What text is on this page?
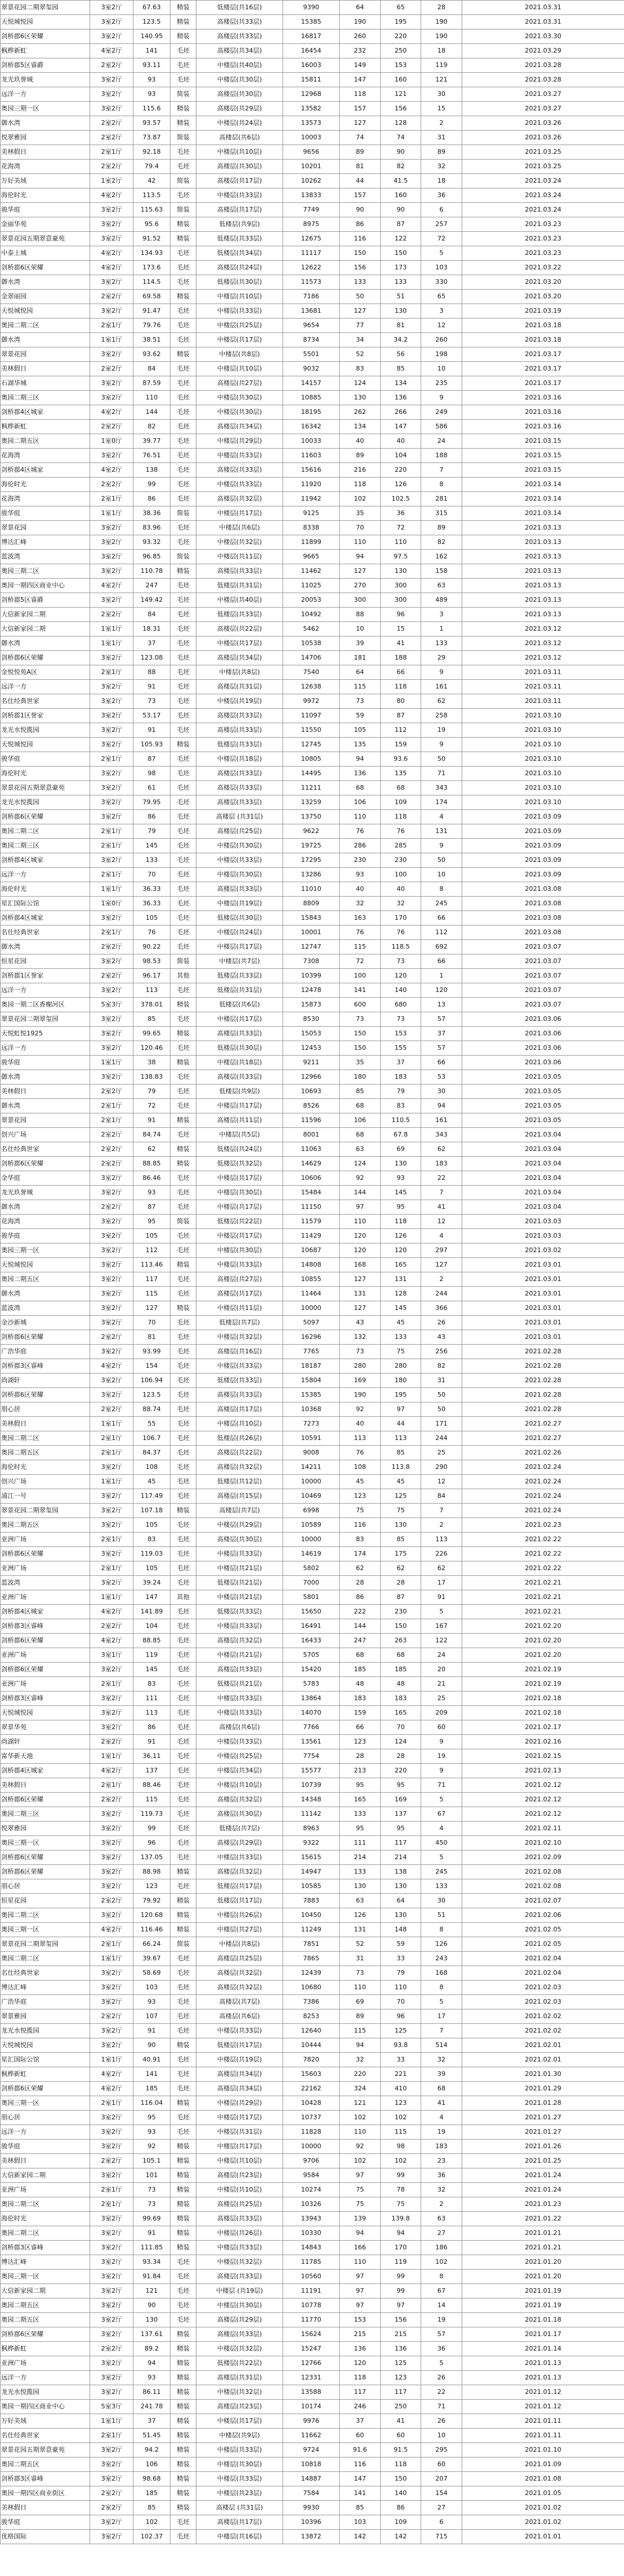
翠景花园二期翠玺园	3室2厅	67.63	精装	低楼层(共16层)	9390	64	65	28	2021.03.31
天悦城悦园	3室2厅	123.5	精装	高楼层(共33层)	15385	190	195	190	2021.03.31
剑桥郡6区荣耀	3室2厅	140.95	精装	高楼层(共33层)	16817	260	220	190	2021.03.30
枫桦新虹	4室2厅	141	毛坯	高楼层(共34层)	16454	232	250	18	2021.03.29
剑桥郡5区睿爵	2室2厅	93.11	毛坯	中楼层(共40层)	16003	149	153	119	2021.03.28
龙光玖誉城	3室2厅	93	毛坯	中楼层(共30层)	15811	147	160	121	2021.03.28
远洋一方	3室2厅	93	简装	高楼层(共30层)	12968	118	121	30	2021.03.27
奥园三期一区	3室2厅	115.6	精装	高楼层(共29层)	13582	157	156	15	2021.03.27
御水湾	2室2厅	93.57	精装	中楼层(共24层)	13573	127	128	2	2021.03.26
悦翠雅园	2室2厅	73.87	简装	高楼层(共6层)	10003	74	74	31	2021.03.26
美林假日	2室1厅	92.18	毛坯	中楼层(共10层)	9656	89	90	89	2021.03.25
花海湾	2室2厅	79.4	毛坯	高楼层(共30层)	10201	81	82	32	2021.03.25
万好美域	1室2厅	42	简装	高楼层(共17层)	10262	44	41.5	18	2021.03.24
海伦时光	4室2厅	113.5	毛坯	中楼层(共33层)	13833	157	160	36	2021.03.24
骏华庭	3室2厅	115.63	简装	高楼层(共17层)	7749	90	90	6	2021.03.24
金丽华苑	3室2厅	95.6	精装	低楼层(共9层)	8975	86	87	257	2021.03.23
翠景花园五期翠意豪苑	3室2厅	91.52	精装	低楼层(共33层)	12675	116	122	72	2021.03.23
中泰上城	4室2厅	134.93	毛坯	低楼层(共34层)	11117	150	150	5	2021.03.23
剑桥郡6区荣耀	4室2厅	173.6	毛坯	高楼层(共24层)	12622	156	173	103	2021.03.22
御水湾	3室2厅	114.5	毛坯	低楼层(共30层)	11573	133	133	330	2021.03.20
金翠丽园	2室2厅	69.58	精装	中楼层(共10层)	7186	50	51	65	2021.03.20
天悦城悦园	3室2厅	91.47	毛坯	中楼层(共33层)	13681	127	130	3	2021.03.19
奥园二期二区	2室1厅	79.76	毛坯	中楼层(共25层)	9654	77	81	12	2021.03.18
御水湾	1室1厅	38.51	毛坯	中楼层(共17层)	8734	34	34.2	260	2021.03.18
翠景花园	3室2厅	93.62	精装	中楼层(共8层)	5501	52	56	198	2021.03.17
美林假日	2室2厅	84	毛坯	中楼层(共10层)	9032	83	85	10	2021.03.17
石湖华城	3室2厅	87.59	毛坯	高楼层(共27层)	14157	124	134	235	2021.03.17
奥园二期三区	3室2厅	110	毛坯	中楼层(共30层)	10885	130	136	9	2021.03.16
剑桥郡4区城家	4室2厅	144	毛坯	中楼层(共30层)	18195	262	266	249	2021.03.16
枫桦新虹	2室2厅	82	毛坯	高楼层(共34层)	16342	134	147	586	2021.03.16
奥园二期五区	1室0厅	39.77	毛坯	中楼层(共29层)	10033	40	40	24	2021.03.15
花海湾	3室2厅	76.51	毛坯	中楼层(共33层)	11603	89	104	188	2021.03.15
剑桥郡4区城家	4室2厅	138	毛坯	高楼层(共33层)	15616	216	220	7	2021.03.15
海伦时光	2室2厅	99	毛坯	中楼层(共33层)	11920	118	126	8	2021.03.14
花海湾	2室1厅	86	毛坯	高楼层(共32层)	11942	102	102.5	281	2021.03.14
骏华庭	1室1厅	38.36	简装	中楼层(共17层)	9125	35	36	315	2021.03.14
翠景花园	3室2厅	83.96	毛坯	中楼层(共6层)	8338	70	72	89	2021.03.13
博达汇峰	3室2厅	93.32	毛坯	中楼层(共32层)	11899	110	110	82	2021.03.13
蓝波湾	3室2厅	96.85	简装	中楼层(共11层)	9665	94	97.5	162	2021.03.13
奥园三期二区	3室2厅	110.78	精装	高楼层(共33层)	11462	127	130	158	2021.03.13
奥园一期四区商业中心	4室2厅	247	毛坯	低楼层(共31层)	11025	270	300	63	2021.03.13
剑桥郡5区睿爵	3室2厅	149.42	毛坯	中楼层(共40层)	20053	300	300	489	2021.03.13
大信新家园二期	2室2厅	84	毛坯	低楼层(共33层)	10492	88	96	3	2021.03.13
大信新家园二期	1室1厅	18.31	毛坯	高楼层(共22层)	5462	10	15	1	2021.03.12
御水湾	1室1厅	37	毛坯	中楼层(共17层)	10538	39	41	133	2021.03.12
剑桥郡6区荣耀	3室2厅	123.08	毛坯	高楼层(共34层)	14706	181	188	29	2021.03.12
金悦悦苑A区	2室1厅	88	毛坯	中楼层(共8层)	7540	64	66	9	2021.03.11
远洋一方	3室2厅	91	毛坯	高楼层(共31层)	12638	115	118	161	2021.03.11
名仕经典世家	3室2厅	73	毛坯	中楼层(共19层)	9972	73	80	62	2021.03.11
剑桥郡1区誉家	3室2厅	53.17	毛坯	高楼层(共33层)	11097	59	87	258	2021.03.10
龙光水悦揽园	3室2厅	91	毛坯	高楼层(共33层)	11550	105	112	19	2021.03.10
天悦城悦园	3室2厅	105.93	精装	低楼层(共33层)	12745	135	159	9	2021.03.10
骏华庭	2室1厅	87	毛坯	中楼层(共18层)	10805	94	93.6	50	2021.03.10
海伦时光	3室2厅	98	毛坯	高楼层(共33层)	14495	136	135	71	2021.03.10
翠景花园五期翠意豪苑	3室2厅	61	毛坯	高楼层(共33层)	11211	68	68	343	2021.03.10
龙光水悦揽园	3室2厅	79.95	毛坯	高楼层(共33层)	13259	106	109	174	2021.03.10
剑桥郡6区荣耀	3室2厅	86	毛坯	高楼层 (共31层)	13750	110	118	4	2021.03.09
奥园二期二区	2室1厅	79	毛坯	高楼层(共25层)	9622	76	76	131	2021.03.09
奥园二期三区	2室1厅	145	毛坯	中楼层(共30层)	19725	286	285	9	2021.03.09
剑桥郡4区城家	3室2厅	133	毛坯	中楼层(共33层)	17295	230	230	50	2021.03.09
远洋一方	2室1厅	70	毛坯	中楼层(共30层)	13286	93	100	10	2021.03.09
海伦时光	1室1厅	36.33	毛坯	高楼层(共33层)	11010	40	40	8	2021.03.08
星汇国际公馆	1室0厅	36.33	毛坯	中楼层(共19层)	8809	32	32	245	2021.03.08
剑桥郡4区城家	3室2厅	105	毛坯	低楼层(共30层)	15843	163	170	66	2021.03.08
名仕经典世家	2室1厅	76	毛坯	中楼层(共24层)	10001	76	76	112	2021.03.08
御水湾	2室2厅	90.22	毛坯	中楼层(共17层)	12747	115	118.5	692	2021.03.07
恒星花园	3室2厅	98.53	简装	中楼层(共7层)	7308	72	73	66	2021.03.07
剑桥郡1区誉家	2室2厅	96.17	其他	低楼层(共33层)	10399	100	120	1	2021.03.07
远洋一方	3室2厅	113	毛坯	低楼层(共31层)	12478	141	140	120	2021.03.07
奥园一期二区香榭河区	5室3厅	378.01	精装	低楼层(共6层)	15873	600	680	13	2021.03.07
翠景花园二期翠玺园	3室2厅	85	毛坯	中楼层(共17层)	8530	73	73	57	2021.03.06
天悦虹悦1925	3室2厅	99.65	精装	高楼层(共33层)	15053	150	153	37	2021.03.06
远洋一方	3室2厅	120.46	毛坯	低楼层(共30层)	12453	150	155	57	2021.03.06
骏华庭	1室1厅	38	精装	中楼层(共18层)	9211	35	37	66	2021.03.06
御水湾	3室2厅	138.83	毛坯	高楼层(共33层)	12966	180	183	53	2021.03.05
美林假日	2室2厅	79	毛坯	低楼层(共9层)	10693	85	79	30	2021.03.05
御水湾	2室1厅	72	毛坯	中楼层(共17层)	8526	68	83	94	2021.03.05
翠景花园	2室1厅	91	精装	高楼层(共11层)	11596	106	110.5	161	2021.03.05
创兴广场	2室2厅	84.74	毛坯	中楼层(共5层)	8001	68	67.8	343	2021.03.04
名仕经典世家	2室2厅	62	精装	低楼层(共24层)	11063	63	69	62	2021.03.04
剑桥郡6区荣耀	2室2厅	88.85	精装	低楼层(共32层)	14629	124	130	183	2021.03.04
金华庭	3室2厅	86.46	毛坯	中楼层(共17层)	10606	92	93	22	2021.03.04
龙光玖誉城	3室2厅	93	毛坯	中楼层(共30层)	15484	144	145	7	2021.03.04
御水湾	2室2厅	87	毛坯	中楼层(共17层)	11150	97	95	41	2021.03.04
花海湾	3室2厅	95	简装	低楼层(共22层)	11579	110	118	12	2021.03.03
骏华庭	3室2厅	105	毛坯	中楼层(共17层)	11429	120	126	4	2021.03.03
奥园三期一区	3室2厅	112	毛坯	中楼层(共30层)	10687	120	120	297	2021.03.02
天悦城悦园	3室2厅	113.46	精装	中楼层(共33层)	14808	168	165	127	2021.03.01
奥园二期五区	3室2厅	117	毛坯	高楼层(共27层)	10855	127	131	2	2021.03.01
御水湾	3室2厅	115	毛坯	高楼层(共17层)	11464	131	128	244	2021.03.01
蓝波湾	3室2厅	127	精装	中楼层(共11层)	10000	127	145	366	2021.03.01
金沙新城	3室2厅	70	毛坯	低楼层(共7层)	5097	43	45	26	2021.03.01
剑桥郡6区荣耀	2室2厅	81	毛坯	中楼层(共32层)	16296	132	133	43	2021.03.01
广浩华庭	3室2厅	93.99	毛坯	高楼层(共16层)	7765	73	75	256	2021.02.28
剑桥郡3区睿峰	4室2厅	154	毛坯	中楼层(共33层)	18187	280	280	82	2021.02.28
尚湖轩	3室2厅	106.94	毛坯	低楼层(共33层)	15804	169	180	31	2021.02.28
剑桥郡6区荣耀	3室2厅	123.5	毛坯	高楼层(共33层)	15385	190	195	50	2021.02.28
朋心居	2室2厅	88.74	毛坯	高楼层(共17层)	10368	92	97	50	2021.02.28
美林假日	1室1厅	55	毛坯	中楼层(共10层)	7273	40	44	171	2021.02.27
奥园二期二区	2室1厅	106.7	毛坯	低楼层(共26层)	10591	113	113	244	2021.02.27
奥园二期五区	2室1厅	84.37	毛坯	高楼层(共22层)	9008	76	85	25	2021.02.26
海伦时光	3室2厅	108	毛坯	高楼层(共32层)	14211	108	113.8	290	2021.02.24
创兴广场	1室1厅	45	毛坯	低楼层(共12层)	10000	45	45	12	2021.02.24
浦江一号	3室2厅	117.49	毛坯	高楼层(共15层)	10469	123	125	84	2021.02.24
翠景花园二期翠玺园	3室2厅	107.18	精装	高楼层(共7层)	6998	75	75	7	2021.02.24
奥园二期五区	3室2厅	105	毛坯	中楼层(共29层)	10589	116	130	2	2021.02.23
亚洲广场	2室1厅	83	毛坯	高楼层(共30层)	10000	83	85	113	2021.02.22
剑桥郡6区荣耀	3室2厅	119.03	毛坯	中楼层(共33层)	14619	174	175	226	2021.02.22
亚洲广场	2室1厅	105	毛坯	中楼层(共21层)	5802	62	62	62	2021.02.22
蓝波湾	3室2厅	39.24	毛坯	低楼层(共21层)	7000	28	28	17	2021.02.21
亚洲广场	1室1厅	147	其他	中楼层(共21层)	5801	86	87	91	2021.02.21
剑桥郡4区城家	4室2厅	141.89	毛坯	低楼层(共33层)	15650	222	230	5	2021.02.21
剑桥郡3区睿峰	2室2厅	104	毛坯	中楼层(共33层)	16491	144	150	167	2021.02.20
剑桥郡6区荣耀	4室2厅	88.85	毛坯	高楼层(共32层)	16433	247	263	122	2021.02.20
亚洲广场	3室1厅	119	毛坯	中楼层(共21层)	5705	68	68	24	2021.02.20
剑桥郡6区荣耀	3室2厅	145	毛坯	高楼层(共33层)	15420	185	185	20	2021.02.19
亚洲广场	2室1厅	83	毛坯	低楼层(共21层)	5783	48	48	21	2021.02.19
剑桥郡3区睿峰	3室2厅	111	毛坯	中楼层(共33层)	13864	183	183	25	2021.02.18
天悦城悦园	3室2厅	113	毛坯	中楼层(共33层)	14070	159	165	209	2021.02.18
翠景华苑	3室2厅	86	毛坯	高楼层(共6层)	7766	66	70	60	2021.02.17
尚湖轩	2室2厅	91	毛坯	中楼层(共33层)	13561	123	124	9	2021.02.16
富华新天地	1室1厅	36.11	毛坯	中楼层(共25层)	7754	28	28	19	2021.02.15
剑桥郡4区城家	4室2厅	137	毛坯	中楼层(共34层)	15577	213	220	9	2021.02.13
美林假日	2室1厅	88.46	毛坯	中楼层(共10层)	10739	95	95	71	2021.02.12
剑桥郡6区荣耀	2室2厅	115	毛坯	高楼层(共32层)	14348	165	169	5	2021.02.12
奥园二期三区	3室2厅	119.73	毛坯	高楼层(共30层)	11142	133	137	67	2021.02.12
悦翠雅园	3室2厅	99	毛坯	低楼层(共7层)	8963	95	95	4	2021.02.11
奥园三期一区	3室2厅	96	毛坯	高楼层(共29层)	9322	111	117	450	2021.02.10
剑桥郡6区荣耀	3室2厅	137.05	毛坯	中楼层(共33层)	15615	214	214	5	2021.02.09
剑桥郡6区荣耀	3室2厅	88.98	精装	高楼层(共32层)	14947	133	138	245	2021.02.08
朋心居	3室2厅	123	毛坯	低楼层(共17层)	10585	130	130	133	2021.02.08
恒星花园	2室2厅	79.92	精装	低楼层(共17层)	7883	63	64	30	2021.02.07
奥园二期二区	3室2厅	120.68	精装	中楼层(共26层)	10450	126	130	51	2021.02.06
奥园三期一区	4室2厅	116.46	精装	中楼层(共27层)	11249	131	148	8	2021.02.05
翠景花园二期翠玺园	2室1厅	66.24	简装	中楼层(共8层)	7851	52	59	126	2021.02.05
奥园二期二区	1室1厅	39.67	毛坯	高楼层(共25层)	7865	31	33	243	2021.02.04
名仕经典世家	3室2厅	58.69	毛坯	高楼层(共32层)	12439	73	79	168	2021.02.04
博达汇峰	3室2厅	103	毛坯	高楼层(共32层)	10680	110	110	8	2021.02.03
广浩华庭	3室2厅	93	毛坯	高楼层(共7层)	7386	69	70	5	2021.02.03
翠景雅园	2室2厅	107	毛坯	高楼层(共6层)	8253	89	96	17	2021.02.02
龙光水悦揽园	3室2厅	91	毛坯	中楼层(共33层)	12640	115	125	7	2021.02.02
天悦城悦园	3室2厅	90	精装	低楼层(共17层)	10444	94	93.8	514	2021.02.01
星汇国际公馆	1室1厅	40.91	毛坯	中楼层(共19层)	7820	32	33	32	2021.02.01
枫桦新虹	4室2厅	141	毛坯	高楼层(共34层)	15603	220	221	39	2021.01.30
剑桥郡6区荣耀	4室2厅	185	毛坯	高楼层(共34层)	22162	324	410	68	2021.01.29
奥园三期一区	2室1厅	116.04	精装	中楼层(共29层)	10428	121	123	41	2021.01.28
朋心居	3室2厅	95	毛坯	中楼层(共17层)	10737	102	102	4	2021.01.27
远洋一方	3室2厅	93	毛坯	中楼层(共31层)	11828	110	115	19	2021.01.27
骏华庭	3室2厅	92	精装	中楼层(共17层)	10000	92	98	183	2021.01.26
美林假日	2室2厅	105.1	精装	中楼层(共10层)	9706	102	102	23	2021.01.25
大信新家园二期	3室2厅	101	精装	高楼层(共23层)	9584	97	99	36	2021.01.24
亚洲广场	2室1厅	73	精装	中楼层(共10层)	10274	75	78	32	2021.01.24
奥园二期二区	2室1厅	73	精装	高楼层(共25层)	10326	75	75	2	2021.01.23
海伦时光	3室2厅	99.69	精装	高楼层(共33层)	13943	139	139.8	63	2021.01.22
奥园二期二区	3室2厅	91	精装	中楼层(共26层)	10330	94	94	27	2021.01.21
剑桥郡3区睿峰	3室2厅	111.85	精装	中楼层(共33层)	14843	166	170	186	2021.01.21
博达汇峰	3室2厅	93.34	毛坯	中楼层(共32层)	11785	110	119	102	2021.01.20
奥园三期一区	3室2厅	91.84	毛坯	高楼层(共33层)	10560	97	99	8	2021.01.20
大信新家园二期	3室2厅	121	毛坯	中楼层 (共19层)	11191	97	99	67	2021.01.19
奥园二期五区	3室2厅	90	毛坯	中楼层(共30层)	10778	97	97	14	2021.01.19
奥园二期五区	3室2厅	130	毛坯	高楼层(共29层)	11770	153	156	19	2021.01.18
剑桥郡6区荣耀	3室2厅	137.61	精装	高楼层(共33层)	15624	215	215	57	2021.01.17
枫桦新虹	2室2厅	89.2	精装	中楼层(共32层)	15247	136	136	36	2021.01.14
亚洲广场	3室2厅	94	精装	低楼层(共22层)	12766	120	125	5	2021.01.13
远洋一方	3室2厅	93	精装	高楼层(共31层)	12331	118	123	26	2021.01.13
龙光水悦揽园	3室2厅	86.11	精装	中楼层(共32层)	13588	117	117	22	2021.01.12
奥园一期四区商业中心	5室3厅	241.78	精装	高楼层(共23层)	10174	246	250	71	2021.01.12
万好美域	1室1厅	37	精装	中楼层(共17层)	9976	37	41	26	2021.01.11
名仕经典世家	2室1厅	51.45	精装	中楼层(共9层)	11662	60	60	10	2021.01.11
翠景花园五期翠意豪苑	3室2厅	94.2	精装	中楼层(共33层)	9724	91.6	91.5	295	2021.01.10
奥园二期五区	3室2厅	106	精装	中楼层(共30层)	10818	116	118	60	2021.01.09
剑桥郡3区睿峰	3室2厅	98.68	精装	中楼层(共33层)	14887	147	150	207	2021.01.08
奥园一期四区商业街区	2室2厅	185	精装	中楼层(共23层)	7584	141	140	154	2021.01.05
美林假日	2室2厅	85	精装	高楼层 (共31层)	9930	85	86	27	2021.01.02
骏华庭	3室2厅	102	毛坯	高楼层(共17层)	10396	103	109	6	2021.01.02
优格国际	3室2厅	102.37	毛坯	中楼层(共16层)	13872	142	142	715	2021.01.01
